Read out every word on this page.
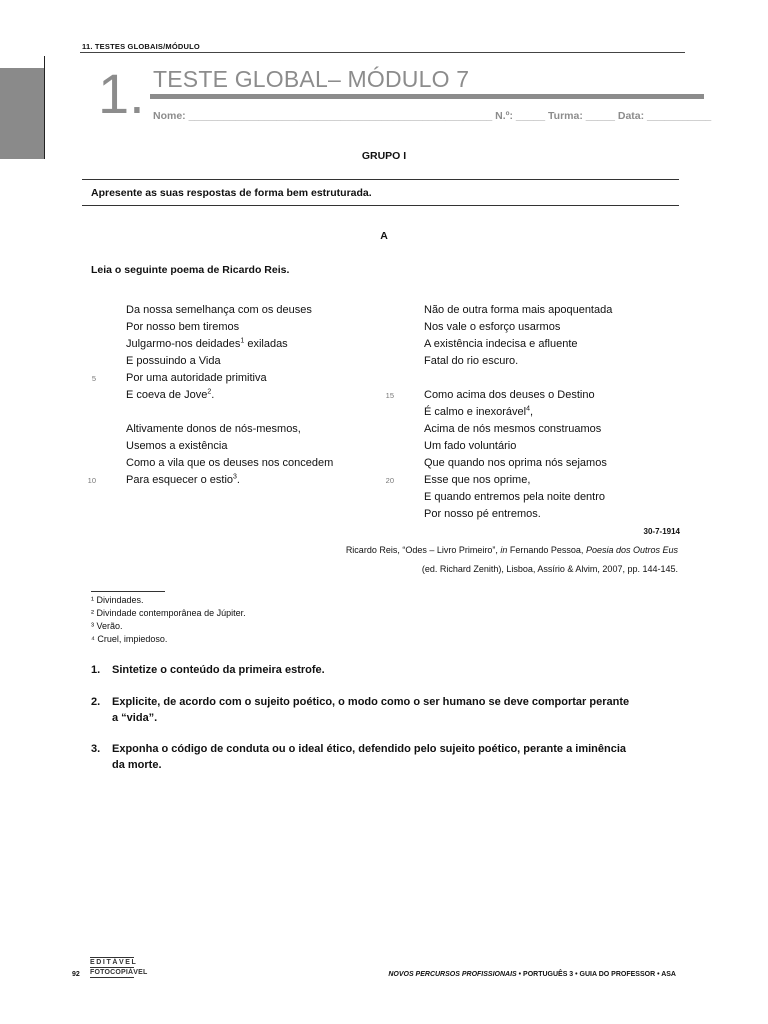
11. TESTES GLOBAIS/MÓDULO
1. TESTE GLOBAL– MÓDULO 7
Nome: ____________________________________________________ N.º: _____ Turma: _____ Data: ___________
GRUPO I
Apresente as suas respostas de forma bem estruturada.
A
Leia o seguinte poema de Ricardo Reis.
Da nossa semelhança com os deuses
Por nosso bem tiremos
Julgarmo-nos deidades$^1$ exiladas
E possuindo a Vida
5	Por uma autoridade primitiva
E coeva de Jove$^2$.
Altivamente donos de nós-mesmos,
Usemos a existência
Como a vila que os deuses nos concedem
10	Para esquecer o estio$^3$.
Não de outra forma mais apoquentada
Nos vale o esforço usarmos
A existência indecisa e afluente
Fatal do rio escuro.
15	Como acima dos deuses o Destino
É calmo e inexorável$^4$,
Acima de nós mesmos construamos
Um fado voluntário
Que quando nos oprima nós sejamos
20	Esse que nos oprime,
E quando entremos pela noite dentro
Por nosso pé entremos.
30-7-1914
Ricardo Reis, “Odes – Livro Primeiro”, in Fernando Pessoa, Poesia dos Outros Eus
(ed. Richard Zenith), Lisboa, Assírio & Alvim, 2007, pp. 144-145.
¹ Divindades.
² Divindade contemporânea de Júpiter.
³ Verão.
⁴ Cruel, impiedoso.
1. Sintetize o conteúdo da primeira estrofe.
2. Explicite, de acordo com o sujeito poético, o modo como o ser humano se deve comportar perante
a “vida”.
3. Exponha o código de conduta ou o ideal ético, defendido pelo sujeito poético, perante a iminência
da morte.
92
EDITÁVEL
FOTOCOPIÁVEL	NOVOS PERCURSOS PROFISSIONAIS • PORTUGUÊS 3 • GUIA DO PROFESSOR • ASA
